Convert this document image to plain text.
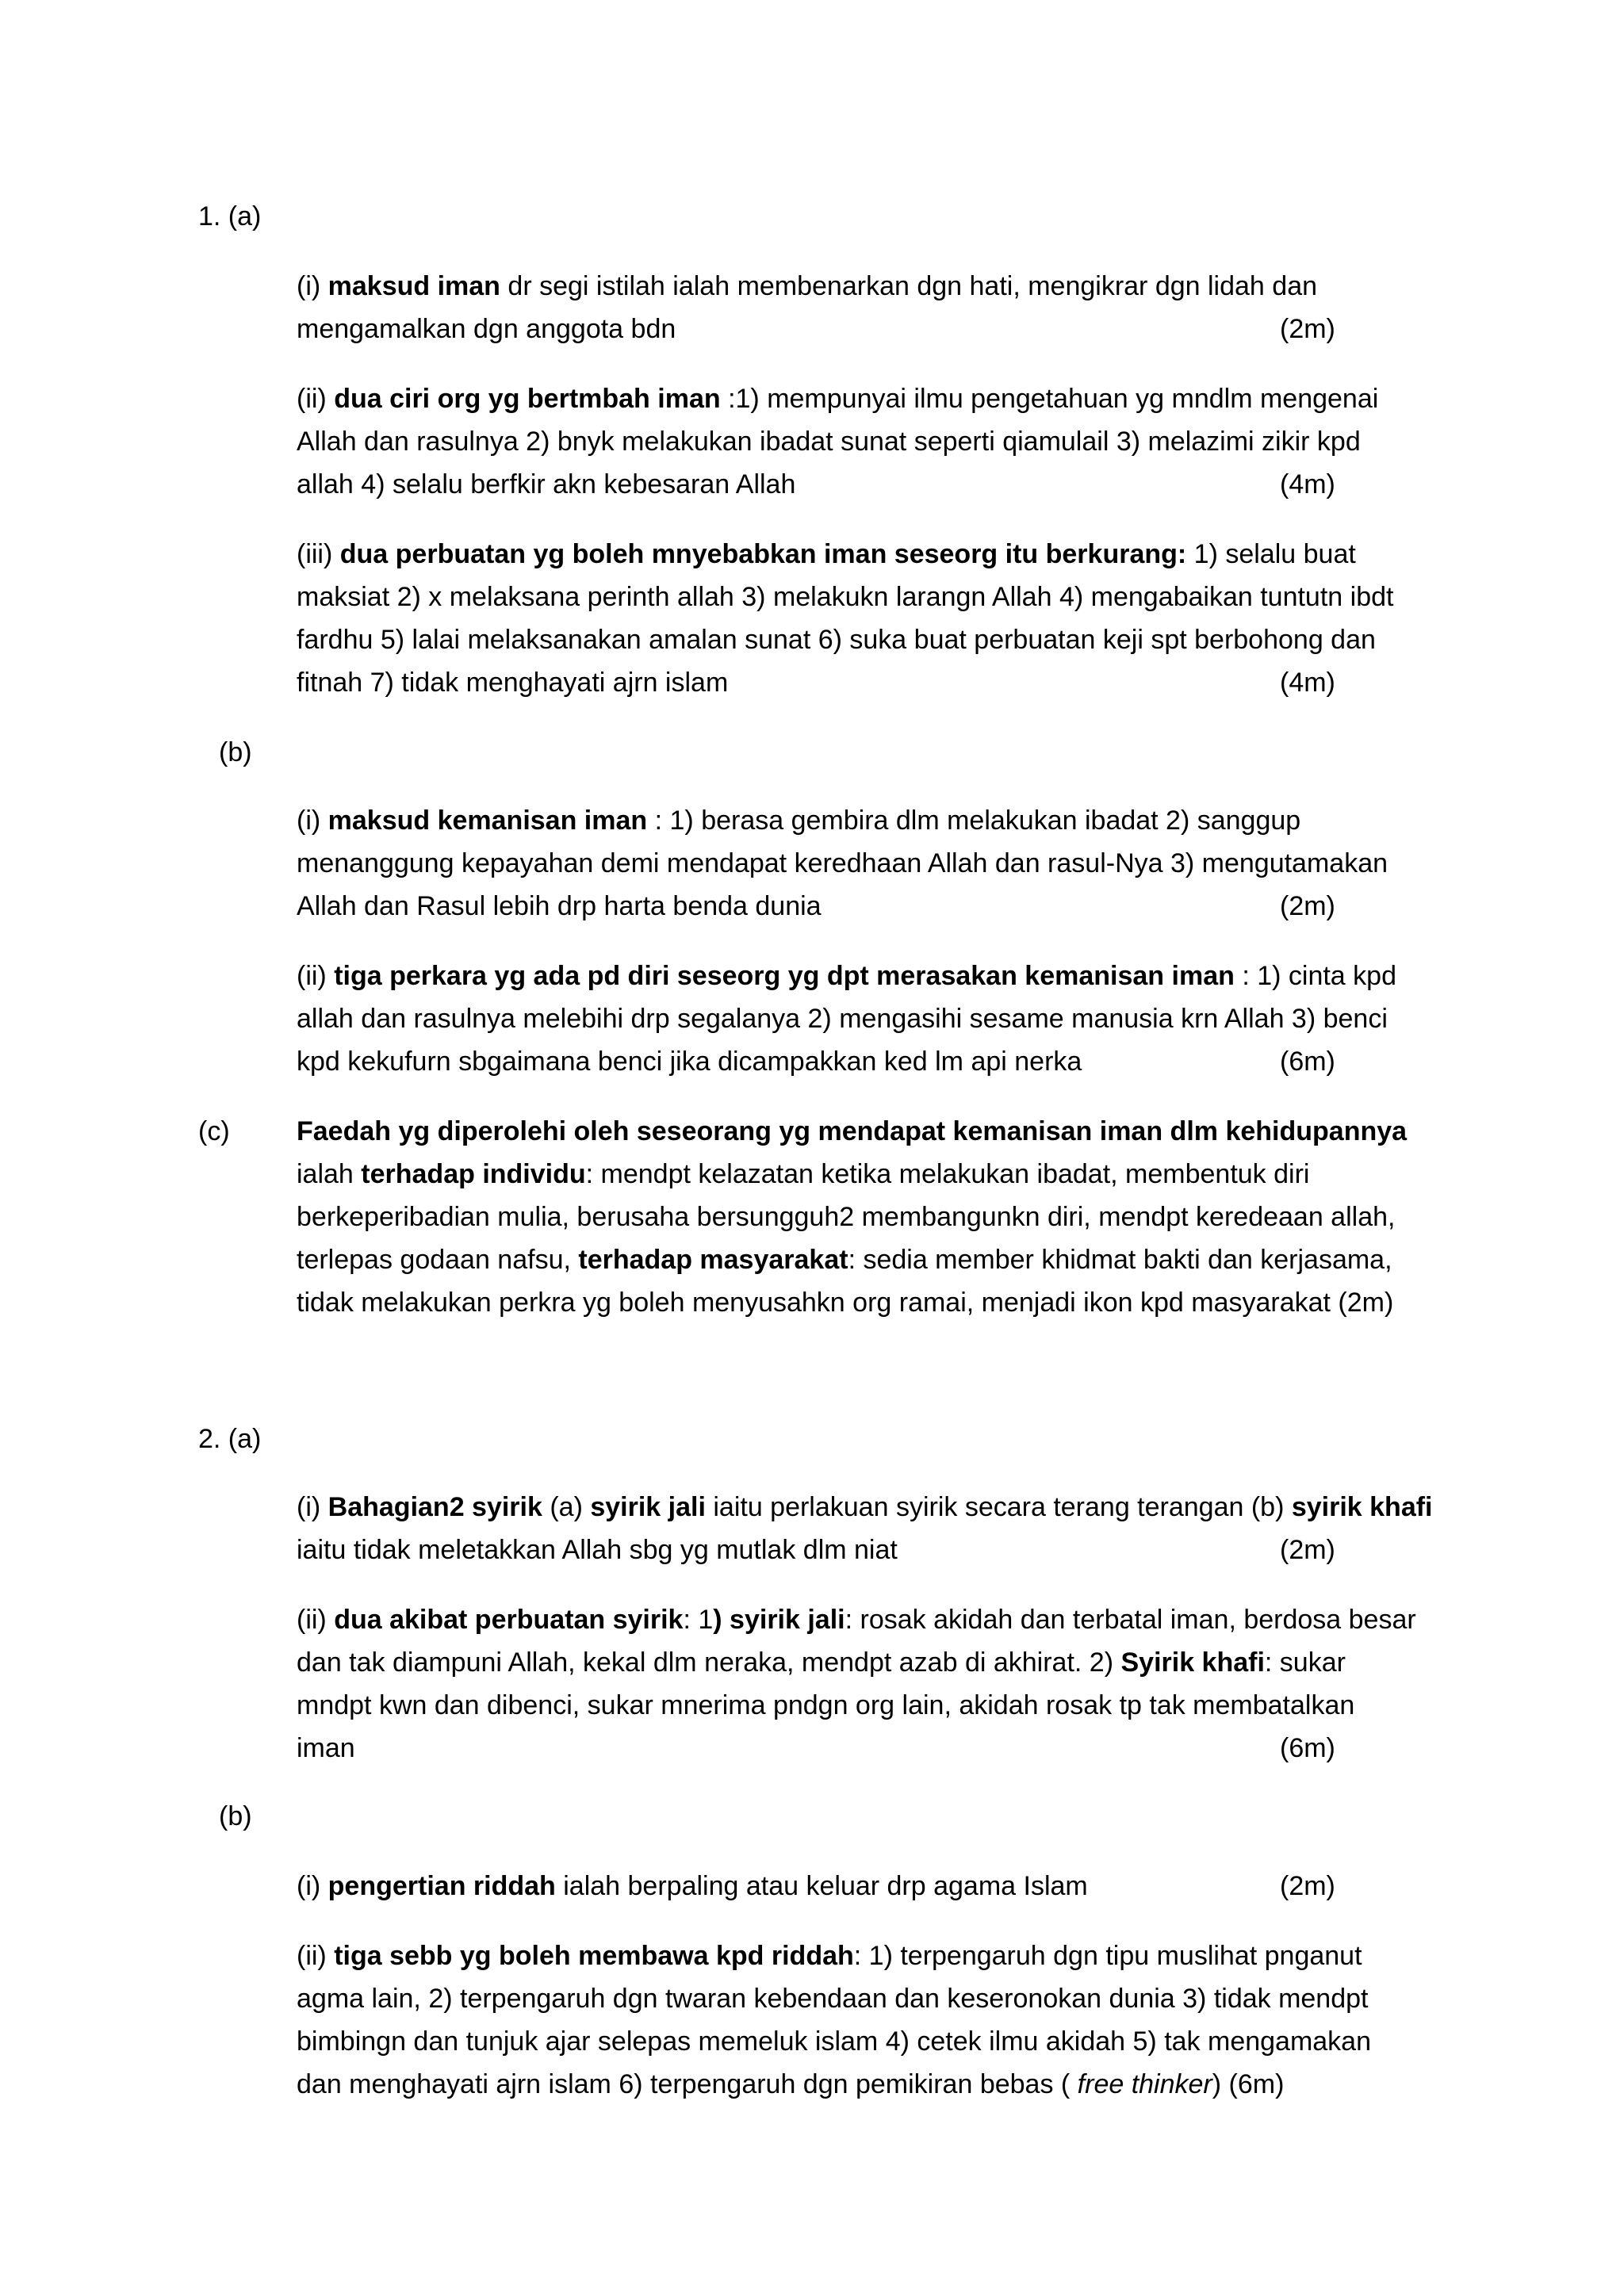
1. (a)
(i) maksud iman dr segi istilah ialah membenarkan dgn hati, mengikrar dgn lidah dan
mengamalkan dgn anggota bdn	(2m)
(ii) dua ciri org yg bertmbah iman :1) mempunyai ilmu pengetahuan yg mndlm mengenai
Allah dan rasulnya 2) bnyk melakukan ibadat sunat seperti qiamulail 3) melazimi zikir kpd
allah 4) selalu berfkir akn kebesaran Allah	(4m)
(iii) dua perbuatan yg boleh mnyebabkan iman seseorg itu berkurang: 1) selalu buat
maksiat 2) x melaksana perinth allah 3) melakukn larangn Allah 4) mengabaikan tuntutn ibdt
fardhu 5) lalai melaksanakan amalan sunat 6) suka buat perbuatan keji spt berbohong dan
fitnah 7) tidak menghayati ajrn islam	(4m)
(b)
(i) maksud kemanisan iman : 1) berasa gembira dlm melakukan ibadat 2) sanggup
menanggung kepayahan demi mendapat keredhaan Allah dan rasul-Nya 3) mengutamakan
Allah dan Rasul lebih drp harta benda dunia	(2m)
(ii) tiga perkara yg ada pd diri seseorg yg dpt merasakan kemanisan iman : 1) cinta kpd
allah dan rasulnya melebihi drp segalanya 2) mengasihi sesame manusia krn Allah 3) benci
kpd kekufurn sbgaimana benci jika dicampakkan ked lm api nerka	(6m)
(c) Faedah yg diperolehi oleh seseorang yg mendapat kemanisan iman dlm kehidupannya
ialah terhadap individu: mendpt kelazatan ketika melakukan ibadat, membentuk diri
berkeperibadian mulia, berusaha bersungguh2 membangunkn diri, mendpt keredeaan allah,
terlepas godaan nafsu, terhadap masyarakat: sedia member khidmat bakti dan kerjasama,
tidak melakukan perkra yg boleh menyusahkn org ramai, menjadi ikon kpd masyarakat (2m)
2. (a)
(i) Bahagian2 syirik (a) syirik jali iaitu perlakuan syirik secara terang terangan (b) syirik khafi
iaitu tidak meletakkan Allah sbg yg mutlak dlm niat	(2m)
(ii) dua akibat perbuatan syirik: 1) syirik jali: rosak akidah dan terbatal iman, berdosa besar
dan tak diampuni Allah, kekal dlm neraka, mendpt azab di akhirat. 2) Syirik khafi: sukar
mndpt kwn dan dibenci, sukar mnerima pndgn org lain, akidah rosak tp tak membatalkan
iman	(6m)
(b)
(i) pengertian riddah ialah berpaling atau keluar drp agama Islam	(2m)
(ii) tiga sebb yg boleh membawa kpd riddah: 1) terpengaruh dgn tipu muslihat pnganut
agma lain, 2) terpengaruh dgn twaran kebendaan dan keseronokan dunia 3) tidak mendpt
bimbingn dan tunjuk ajar selepas memeluk islam 4) cetek ilmu akidah 5) tak mengamakan
dan menghayati ajrn islam 6) terpengaruh dgn pemikiran bebas ( free thinker) (6m)
